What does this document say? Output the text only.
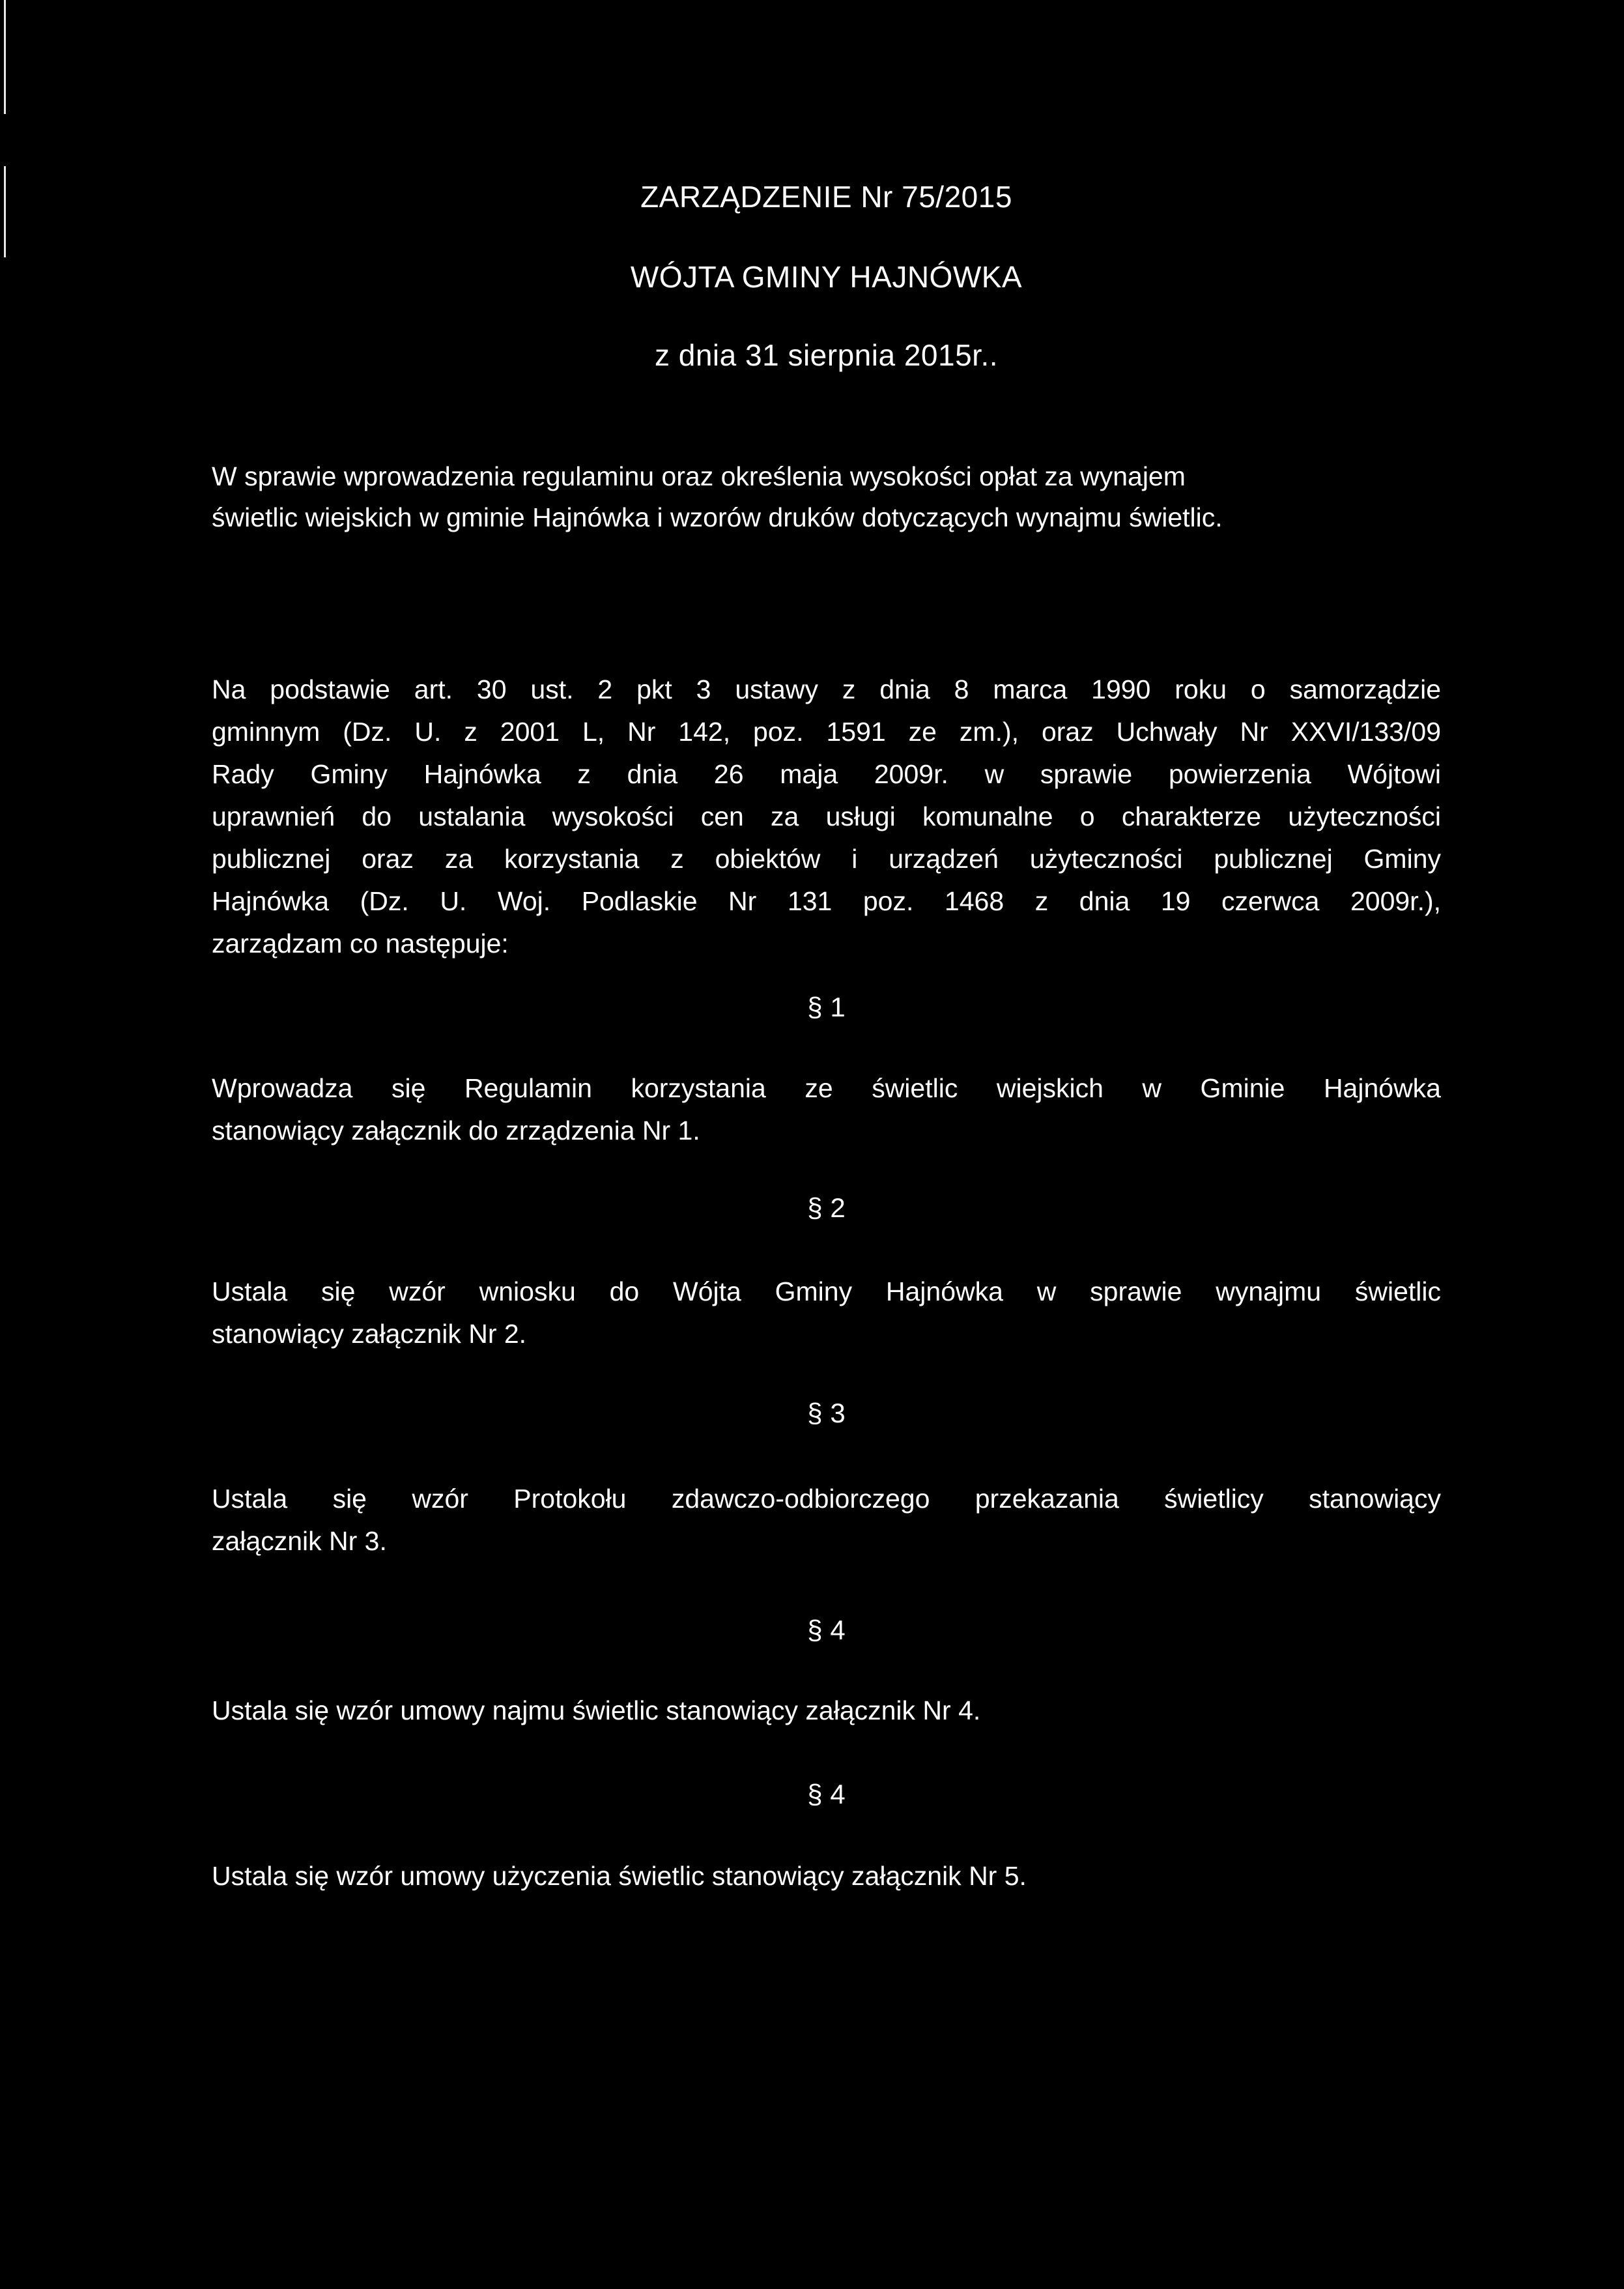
ZARZĄDZENIE Nr 75/2015
WÓJTA GMINY HAJNÓWKA
z dnia 31 sierpnia 2015r..
W sprawie wprowadzenia regulaminu oraz określenia wysokości opłat za wynajem
świetlic wiejskich w gminie Hajnówka i wzorów druków dotyczących wynajmu świetlic.
Na podstawie art. 30 ust. 2 pkt 3 ustawy z dnia 8 marca 1990 roku o samorządzie
gminnym (Dz. U. z 2001 L, Nr 142, poz. 1591 ze zm.), oraz Uchwały Nr XXVI/133/09
Rady Gminy Hajnówka z dnia 26 maja 2009r. w sprawie powierzenia Wójtowi
uprawnień do ustalania wysokości cen za usługi komunalne o charakterze użyteczności
publicznej oraz za korzystania z obiektów i urządzeń użyteczności publicznej Gminy
Hajnówka (Dz. U. Woj. Podlaskie Nr 131 poz. 1468 z dnia 19 czerwca 2009r.),
zarządzam co następuje:
§ 1
Wprowadza się Regulamin korzystania ze świetlic wiejskich w Gminie Hajnówka
stanowiący załącznik do zrządzenia Nr 1.
§ 2
Ustala się wzór wniosku do Wójta Gminy Hajnówka w sprawie wynajmu świetlic
stanowiący załącznik Nr 2.
§ 3
Ustala się wzór Protokołu zdawczo-odbiorczego przekazania świetlicy stanowiący
załącznik Nr 3.
§ 4
Ustala się wzór umowy najmu świetlic stanowiący załącznik Nr 4.
§ 4
Ustala się wzór umowy użyczenia świetlic stanowiący załącznik Nr 5.
